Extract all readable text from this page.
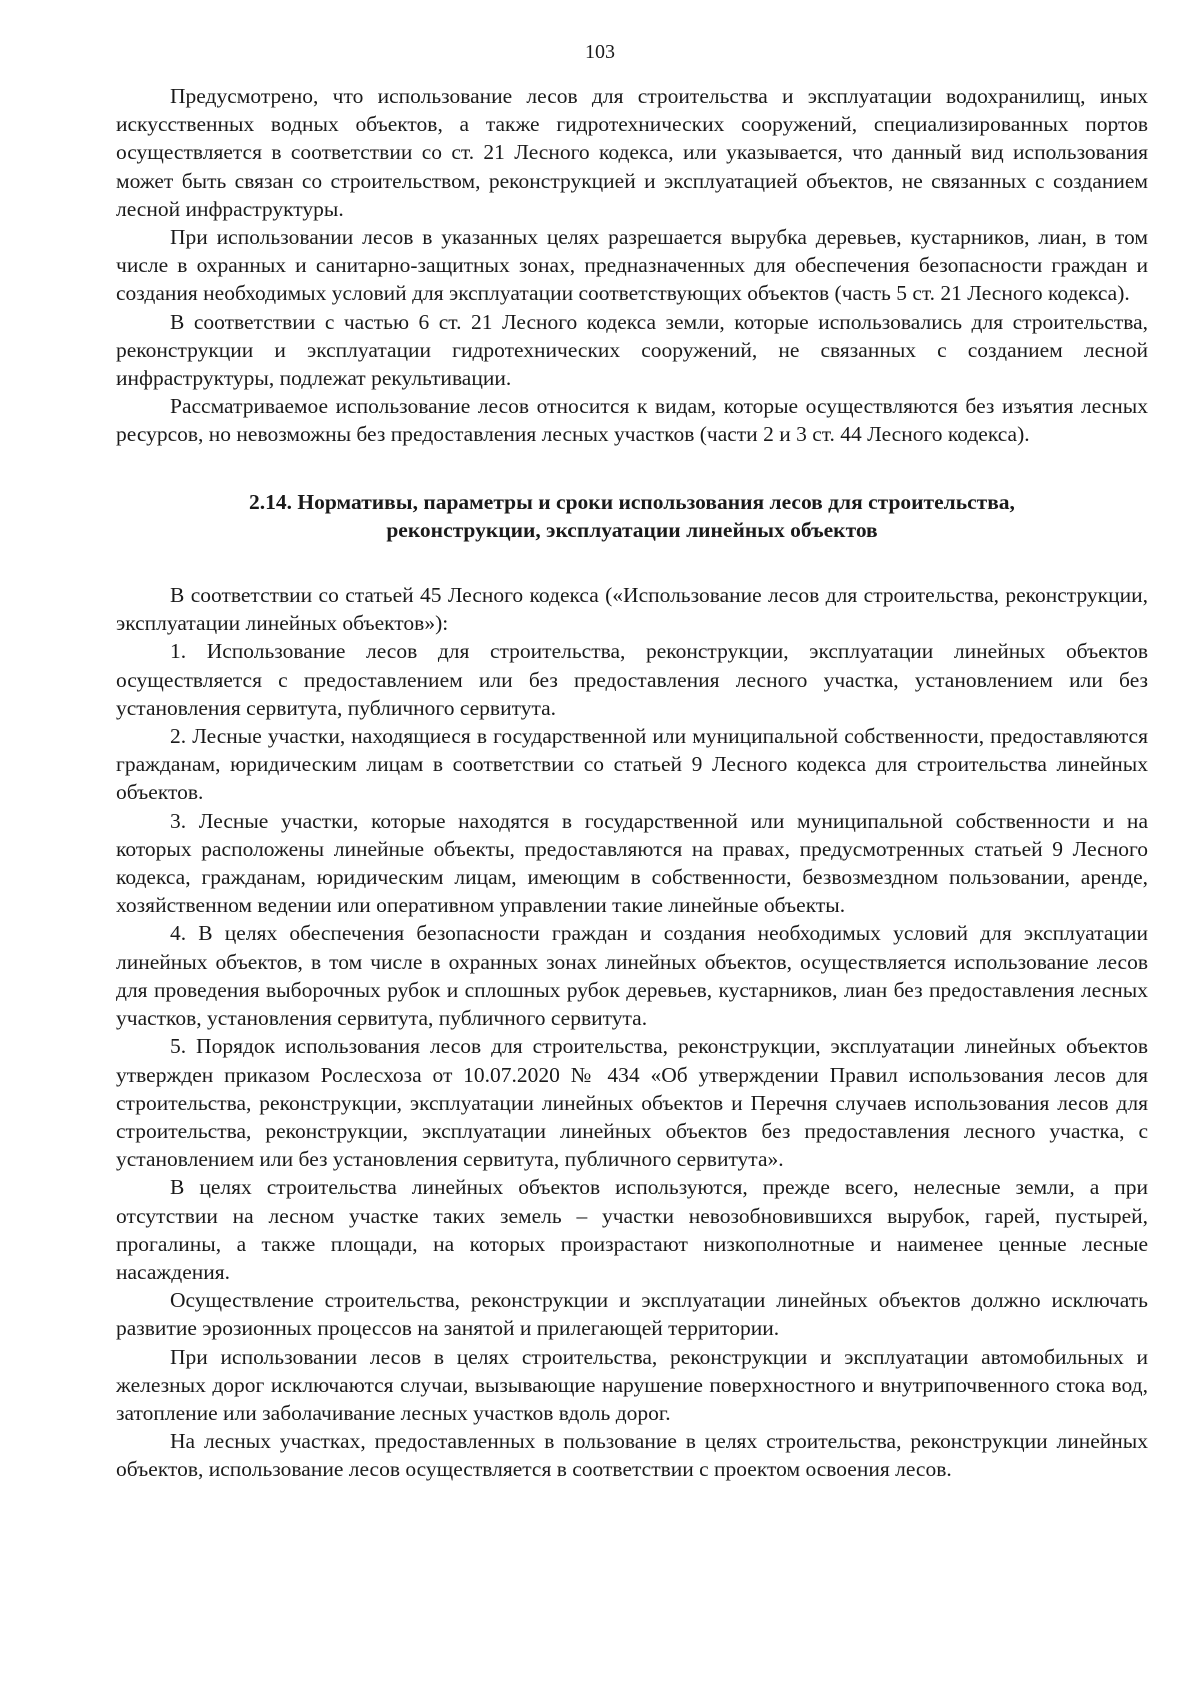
103

Предусмотрено, что использование лесов для строительства и эксплуатации водохранилищ, иных искусственных водных объектов, а также гидротехнических сооружений, специализированных портов осуществляется в соответствии со ст. 21 Лесного кодекса, или указывается, что данный вид использования может быть связан со строительством, реконструкцией и эксплуатацией объектов, не связанных с созданием лесной инфраструктуры.

При использовании лесов в указанных целях разрешается вырубка деревьев, кустарников, лиан, в том числе в охранных и санитарно-защитных зонах, предназначенных для обеспечения безопасности граждан и создания необходимых условий для эксплуатации соответствующих объектов (часть 5 ст. 21 Лесного кодекса).

В соответствии с частью 6 ст. 21 Лесного кодекса земли, которые использовались для строительства, реконструкции и эксплуатации гидротехнических сооружений, не связанных с созданием лесной инфраструктуры, подлежат рекультивации.

Рассматриваемое использование лесов относится к видам, которые осуществляются без изъятия лесных ресурсов, но невозможны без предоставления лесных участков (части 2 и 3 ст. 44 Лесного кодекса).

2.14. Нормативы, параметры и сроки использования лесов для строительства,
реконструкции, эксплуатации линейных объектов

В соответствии со статьей 45 Лесного кодекса («Использование лесов для строительства, реконструкции, эксплуатации линейных объектов»):

1. Использование лесов для строительства, реконструкции, эксплуатации линейных объектов осуществляется с предоставлением или без предоставления лесного участка, установлением или без установления сервитута, публичного сервитута.

2. Лесные участки, находящиеся в государственной или муниципальной собственности, предоставляются гражданам, юридическим лицам в соответствии со статьей 9 Лесного кодекса для строительства линейных объектов.

3. Лесные участки, которые находятся в государственной или муниципальной собственности и на которых расположены линейные объекты, предоставляются на правах, предусмотренных статьей 9 Лесного кодекса, гражданам, юридическим лицам, имеющим в собственности, безвозмездном пользовании, аренде, хозяйственном ведении или оперативном управлении такие линейные объекты.

4. В целях обеспечения безопасности граждан и создания необходимых условий для эксплуатации линейных объектов, в том числе в охранных зонах линейных объектов, осуществляется использование лесов для проведения выборочных рубок и сплошных рубок деревьев, кустарников, лиан без предоставления лесных участков, установления сервитута, публичного сервитута.

5. Порядок использования лесов для строительства, реконструкции, эксплуатации линейных объектов утвержден приказом Рослесхоза от 10.07.2020 № 434 «Об утверждении Правил использования лесов для строительства, реконструкции, эксплуатации линейных объектов и Перечня случаев использования лесов для строительства, реконструкции, эксплуатации линейных объектов без предоставления лесного участка, с установлением или без установления сервитута, публичного сервитута».

В целях строительства линейных объектов используются, прежде всего, нелесные земли, а при отсутствии на лесном участке таких земель – участки невозобновившихся вырубок, гарей, пустырей, прогалины, а также площади, на которых произрастают низкополнотные и наименее ценные лесные насаждения.

Осуществление строительства, реконструкции и эксплуатации линейных объектов должно исключать развитие эрозионных процессов на занятой и прилегающей территории.

При использовании лесов в целях строительства, реконструкции и эксплуатации автомобильных и железных дорог исключаются случаи, вызывающие нарушение поверхностного и внутрипочвенного стока вод, затопление или заболачивание лесных участков вдоль дорог.

На лесных участках, предоставленных в пользование в целях строительства, реконструкции линейных объектов, использование лесов осуществляется в соответствии с проектом освоения лесов.
